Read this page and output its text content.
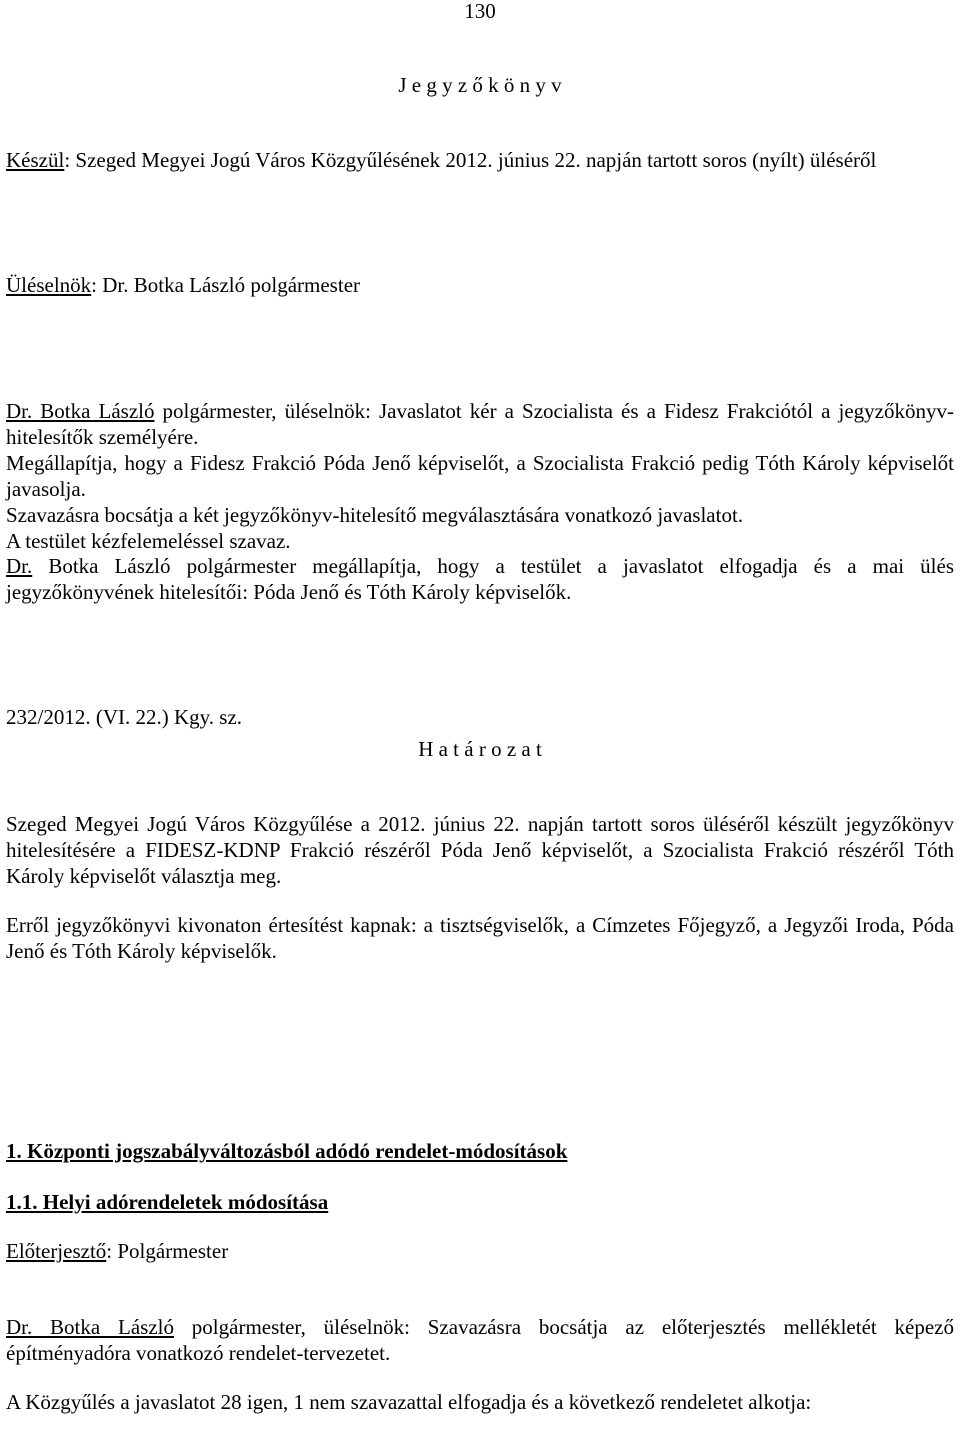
130
J e g y z ő k ö n y v

Készül: Szeged Megyei Jogú Város Közgyűlésének 2012. június 22. napján tartott soros (nyílt) üléséről

Üléselnök: Dr. Botka László polgármester

Dr. Botka László polgármester, üléselnök: Javaslatot kér a Szocialista és a Fidesz Frakciótól a jegyzőkönyv-hitelesítők személyére.

Megállapítja, hogy a Fidesz Frakció Póda Jenő képviselőt, a Szocialista Frakció pedig Tóth Károly képviselőt javasolja.

Szavazásra bocsátja a két jegyzőkönyv-hitelesítő megválasztására vonatkozó javaslatot.

A testület kézfelemeléssel szavaz.

Dr. Botka László polgármester megállapítja, hogy a testület a javaslatot elfogadja és a mai ülés jegyzőkönyvének hitelesítői: Póda Jenő és Tóth Károly képviselők.

232/2012. (VI. 22.) Kgy. sz.

H a t á r o z a t

Szeged Megyei Jogú Város Közgyűlése a 2012. június 22. napján tartott soros üléséről készült jegyzőkönyv hitelesítésére a FIDESZ-KDNP Frakció részéről Póda Jenő képviselőt, a Szocialista Frakció részéről Tóth Károly képviselőt választja meg.

Erről jegyzőkönyvi kivonaton értesítést kapnak: a tisztségviselők, a Címzetes Főjegyző, a Jegyzői Iroda, Póda Jenő és Tóth Károly képviselők.

1. Központi jogszabályváltozásból adódó rendelet-módosítások

1.1. Helyi adórendeletek módosítása

Előterjesztő: Polgármester

Dr. Botka László polgármester, üléselnök: Szavazásra bocsátja az előterjesztés mellékletét képező építményadóra vonatkozó rendelet-tervezetet.

A Közgyűlés a javaslatot 28 igen, 1 nem szavazattal elfogadja és a következő rendeletet alkotja:
